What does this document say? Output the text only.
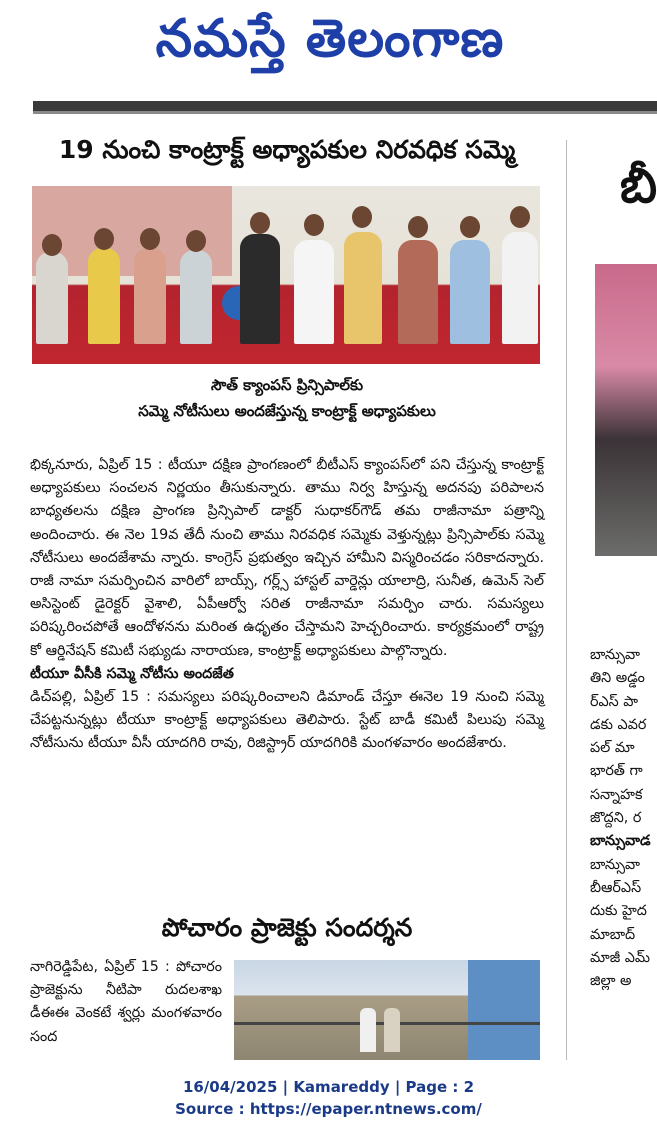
నమస్తే తెలంగాణ
19 నుంచి కాంట్రాక్ట్ అధ్యాపకుల నిరవధిక సమ్మె
సౌత్ క్యాంపస్ ప్రిన్సిపాల్‌కు
సమ్మె నోటీసులు అందజేస్తున్న కాంట్రాక్ట్ అధ్యాపకులు

భిక్కనూరు, ఏప్రిల్ 15 : టీయూ దక్షిణ ప్రాంగణంలో బీటీఎస్ క్యాంపస్‌లో పని చేస్తున్న కాంట్రాక్ట్ అధ్యాపకులు సంచలన నిర్ణయం తీసుకున్నారు. తాము నిర్వ హిస్తున్న అదనపు పరిపాలన బాధ్యతలను దక్షిణ ప్రాంగణ ప్రిన్సిపాల్ డాక్టర్ సుధాకర్‌గౌడ్ తమ రాజీనామా పత్రాన్ని అందించారు. ఈ నెల 19వ తేదీ నుంచి తాము నిరవధిక సమ్మెకు వెళ్తున్నట్లు ప్రిన్సిపాల్‌కు సమ్మె నోటీసులు అందజేశామ న్నారు. కాంగ్రెస్ ప్రభుత్వం ఇచ్చిన హామీని విస్మరించడం సరికాదన్నారు. రాజీ నామా సమర్పించిన వారిలో బాయ్స్, గర్ల్స్ హాస్టల్ వార్డెన్లు యాలాద్రి, సునీత, ఉమెన్ సెల్ అసిస్టెంట్ డైరెక్టర్ వైశాలి, ఏపీఆర్వో సరిత రాజీనామా సమర్పిం చారు. సమస్యలు పరిష్కరించపోతే ఆందోళనను మరింత ఉధృతం చేస్తామని హెచ్చరించారు. కార్యక్రమంలో రాష్ట్ర కో ఆర్డినేషన్ కమిటీ సభ్యుడు నారాయణ, కాంట్రాక్ట్ అధ్యాపకులు పాల్గొన్నారు.

టీయూ వీసీకి సమ్మె నోటీసు అందజేత

డిచ్‌పల్లి, ఏప్రిల్ 15 : సమస్యలు పరిష్కరించాలని డిమాండ్ చేస్తూ ఈనెల 19 నుంచి సమ్మె చేపట్టనున్నట్లు టీయూ కాంట్రాక్ట్ అధ్యాపకులు తెలిపారు. స్టేట్ బాడీ కమిటీ పిలుపు సమ్మె నోటీసును టీయూ వీసీ యాదగిరి రావు, రిజిస్ట్రార్ యాదగిరికి మంగళవారం అందజేశారు.

పోచారం ప్రాజెక్టు సందర్శన
నాగిరెడ్డిపేట, ఏప్రిల్ 15 : పోచారం ప్రాజెక్టును నీటిపా రుదలశాఖ డీఈఈ వెంకటే శ్వర్లు మంగళవారం సంద
బీ
బాన్సువా
తిని అడ్డం
ర్‌ఎస్ పా
డకు ఎవర
పల్ మా
భారత్ గా
సన్నాహక
జొద్దని, ర
బాన్సువాడ
బాన్సువా
బీఆర్‌ఎస్
దుకు హైద
మాబాద్
మాజీ ఎమ్
జిల్లా అ
16/04/2025 | Kamareddy | Page : 2
Source : https://epaper.ntnews.com/
